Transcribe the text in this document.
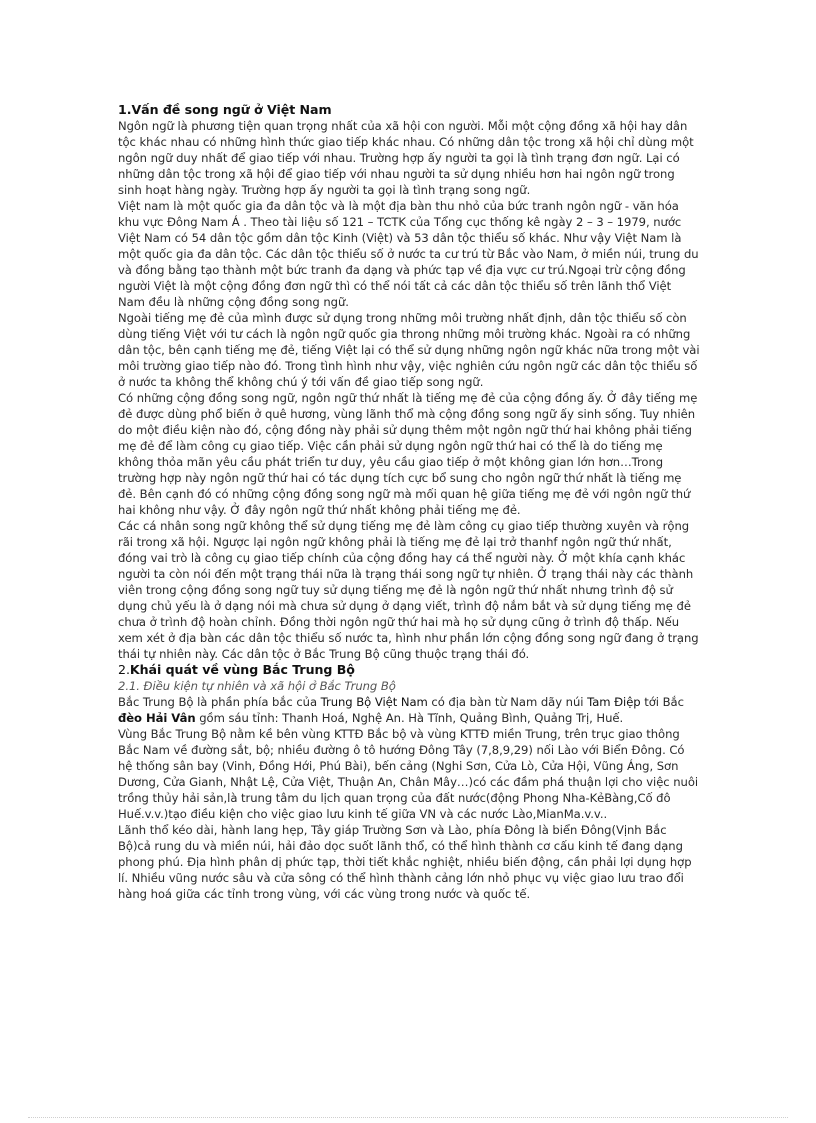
1.Vấn đề song ngữ ở Việt Nam

Ngôn ngữ là phương tiện quan trọng nhất của xã hội con người. Mỗi một cộng đồng xã hội hay dân tộc khác nhau có những hình thức giao tiếp khác nhau. Có những dân tộc trong xã hội chỉ dùng một ngôn ngữ duy nhất để giao tiếp với nhau. Trường hợp ấy người ta gọi là tình trạng đơn ngữ. Lại có những dân tộc trong xã hội để giao tiếp với nhau người ta sử dụng nhiều hơn hai ngôn ngữ trong sinh hoạt hàng ngày. Trường hợp ấy người ta gọi là tình trạng song ngữ.

Việt nam là một quốc gia đa dân tộc và là một địa bàn thu nhỏ của bức tranh ngôn ngữ - văn hóa khu vực Đông Nam Á . Theo tài liệu số 121 – TCTK của Tổng cục thống kê ngày 2 – 3 – 1979, nước Việt Nam có 54 dân tộc gồm dân tộc Kinh (Việt) và 53 dân tộc thiểu số khác. Như vậy Việt Nam là một quốc gia đa dân tộc. Các dân tộc thiểu số ở nước ta cư trú từ Bắc vào Nam, ở miền núi, trung du và đồng bằng tạo thành một bức tranh đa dạng và phức tạp về địa vực cư trú.Ngoại trừ cộng đồng người Việt là một cộng đồng đơn ngữ thì có thể nói tất cả các dân tộc thiểu số trên lãnh thổ Việt Nam đều là những cộng đồng song ngữ.

Ngoài tiếng mẹ đẻ của mình được sử dụng trong những môi trường nhất định, dân tộc thiểu số còn dùng tiếng Việt với tư cách là ngôn ngữ quốc gia throng những môi trường khác. Ngoài ra có những dân tộc, bên cạnh tiếng mẹ đẻ, tiếng Việt lại có thể sử dụng những ngôn ngữ khác nữa trong một vài môi trường giao tiếp nào đó. Trong tình hình như vậy, việc nghiên cứu ngôn ngữ các dân tộc thiểu số ở nước ta không thể không chú ý tới vấn đề giao tiếp song ngữ.

Có những cộng đồng song ngữ, ngôn ngữ thứ nhất là tiếng mẹ đẻ của cộng đồng ấy. Ở đây tiếng mẹ đẻ được dùng phổ biến ở quê hương, vùng lãnh thổ mà cộng đồng song ngữ ấy sinh sống. Tuy nhiên do một điều kiện nào đó, cộng đồng này phải sử dụng thêm một ngôn ngữ thứ hai không phải tiếng mẹ đẻ để làm công cụ giao tiếp. Việc cần phải sử dụng ngôn ngữ thứ hai có thể là do tiếng mẹ không thỏa mãn yêu cầu phát triển tư duy, yêu cầu giao tiếp ở một không gian lớn hơn…Trong trường hợp này ngôn ngữ thứ hai có tác dụng tích cực bổ sung cho ngôn ngữ thứ nhất là tiếng mẹ đẻ. Bên cạnh đó có những cộng đồng song ngữ mà mối quan hệ giữa tiếng mẹ đẻ với ngôn ngữ thứ hai không như vậy. Ở đây ngôn ngữ thứ nhất không phải tiếng mẹ đẻ.

Các cá nhân song ngữ không thể sử dụng tiếng mẹ đẻ làm công cụ giao tiếp thường xuyên và rộng rãi trong xã hội. Ngược lại ngôn ngữ không phải là tiếng mẹ đẻ lại trở thanhf ngôn ngữ thứ nhất, đóng vai trò là công cụ giao tiếp chính của cộng đồng hay cá thể người này. Ở một khía cạnh khác người ta còn nói đến một trạng thái nữa là trạng thái song ngữ tự nhiên. Ở trạng thái này các thành viên trong cộng đồng song ngữ tuy sử dụng tiếng mẹ đẻ là ngôn ngữ thứ nhất nhưng trình độ sử dụng chủ yếu là ở dạng nói mà chưa sử dụng ở dạng viết, trình độ nắm bắt và sử dụng tiếng mẹ đẻ chưa ở trình độ hoàn chỉnh. Đồng thời ngôn ngữ thứ hai mà họ sử dụng cũng ở trình độ thấp. Nếu xem xét ở địa bàn các dân tộc thiểu số nước ta, hình như phần lớn cộng đồng song ngữ đang ở trạng thái tự nhiên này. Các dân tộc ở Bắc Trung Bộ cũng thuộc trạng thái đó.

2.Khái quát về vùng Bắc Trung Bộ
2.1. Điều kiện tự nhiên và xã hội ở Bắc Trung Bộ

Bắc Trung Bộ là phần phía bắc của Trung Bộ Việt Nam có địa bàn từ Nam dãy núi Tam Điệp tới Bắc đèo Hải Vân gồm sáu tỉnh: Thanh Hoá, Nghệ An. Hà Tĩnh, Quảng Bình, Quảng Trị, Huế.

Vùng Bắc Trung Bộ nằm kề bên vùng KTTĐ Bắc bộ và vùng KTTĐ miền Trung, trên trục giao thông Bắc Nam về đường sắt, bộ; nhiều đường ô tô hướng Đông Tây (7,8,9,29) nối Lào với Biển Đông. Có hệ thống sân bay (Vinh, Đồng Hới, Phú Bài), bến cảng (Nghi Sơn, Cửa Lò, Cửa Hội, Vũng Áng, Sơn Dương, Cửa Gianh, Nhật Lệ, Cửa Việt, Thuận An, Chân Mây…)có các đầm phá thuận lợi cho việc nuôi trồng thủy hải sản,là trung tâm du lịch quan trọng của đất nước(động Phong Nha-KẻBàng,Cố đô Huế.v.v.)tạo điều kiện cho việc giao lưu kinh tế giữa VN và các nước Lào,MianMa.v.v..

Lãnh thổ kéo dài, hành lang hẹp, Tây giáp Trường Sơn và Lào, phía Đông là biển Đông(Vịnh Bắc Bộ)cả rung du và miền núi, hải đảo dọc suốt lãnh thổ, có thể hình thành cơ cấu kinh tế đang dạng phong phú. Địa hình phân dị phức tạp, thời tiết khắc nghiệt, nhiều biến động, cần phải lợi dụng hợp lí. Nhiều vũng nước sâu và cửa sông có thể hình thành cảng lớn nhỏ phục vụ việc giao lưu trao đổi hàng hoá giữa các tỉnh trong vùng, với các vùng trong nước và quốc tế.
